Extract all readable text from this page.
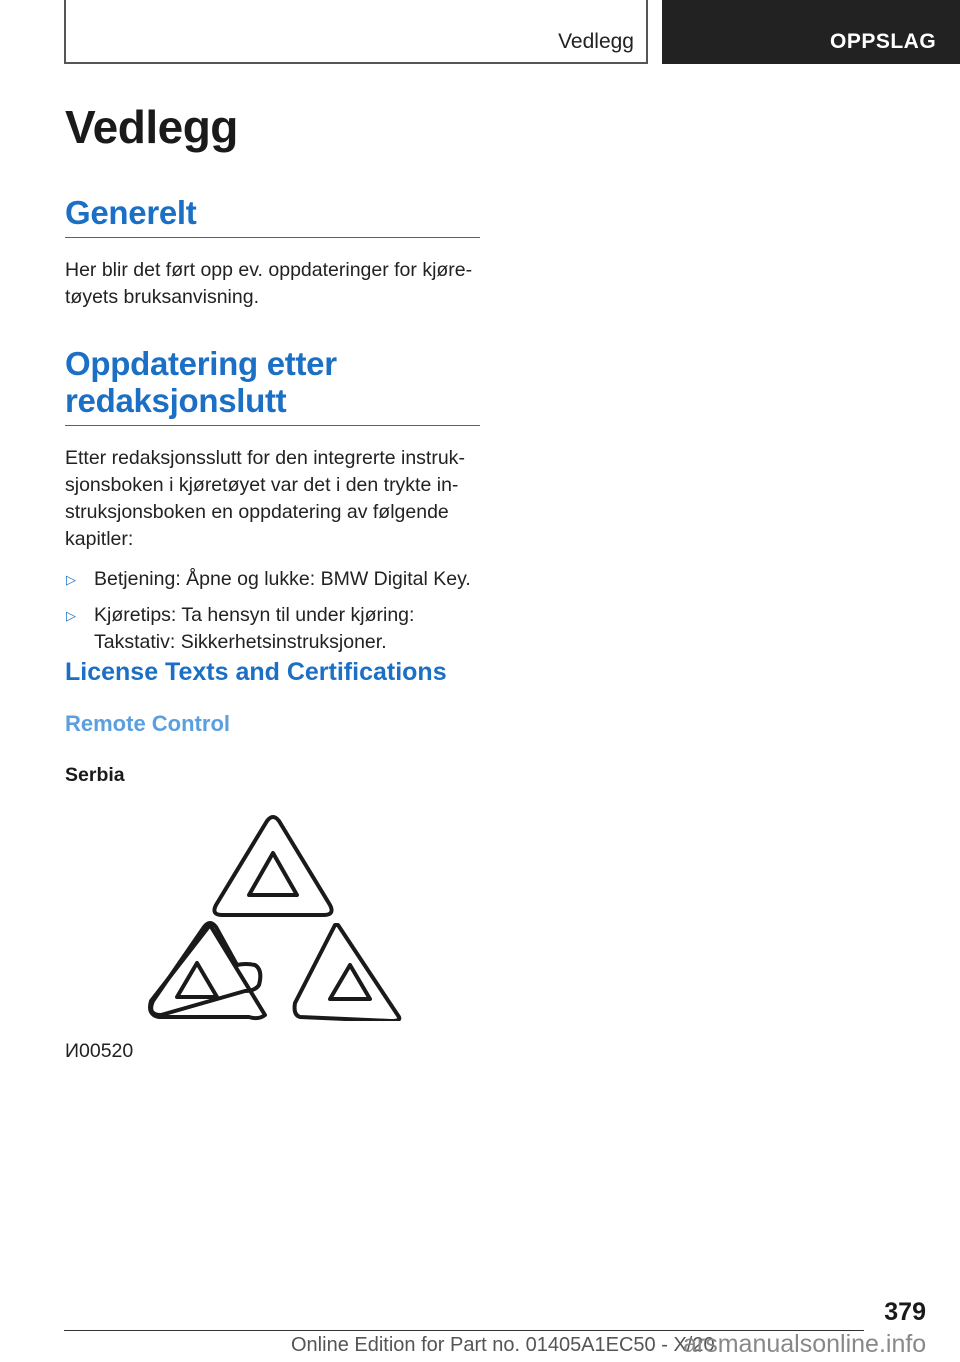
Vedlegg	OPPSLAG
Vedlegg
Generelt

Her blir det ført opp ev. oppdateringer for kjøretøyets bruksanvisning.

Oppdatering etter
redaksjonslutt

Etter redaksjonsslutt for den integrerte instruksjonsboken i kjøretøyet var det i den trykte instruksjonsboken en oppdatering av følgende kapitler:

▷ Betjening: Åpne og lukke: BMW Digital Key.
▷ Kjøretips: Ta hensyn til under kjøring: Takstativ: Sikkerhetsinstruksjoner.
License Texts and Certifications
Remote Control
Serbia
И00520
379
Online Edition for Part no. 01405A1EC50 - X/20
arsmanualsonline.info
